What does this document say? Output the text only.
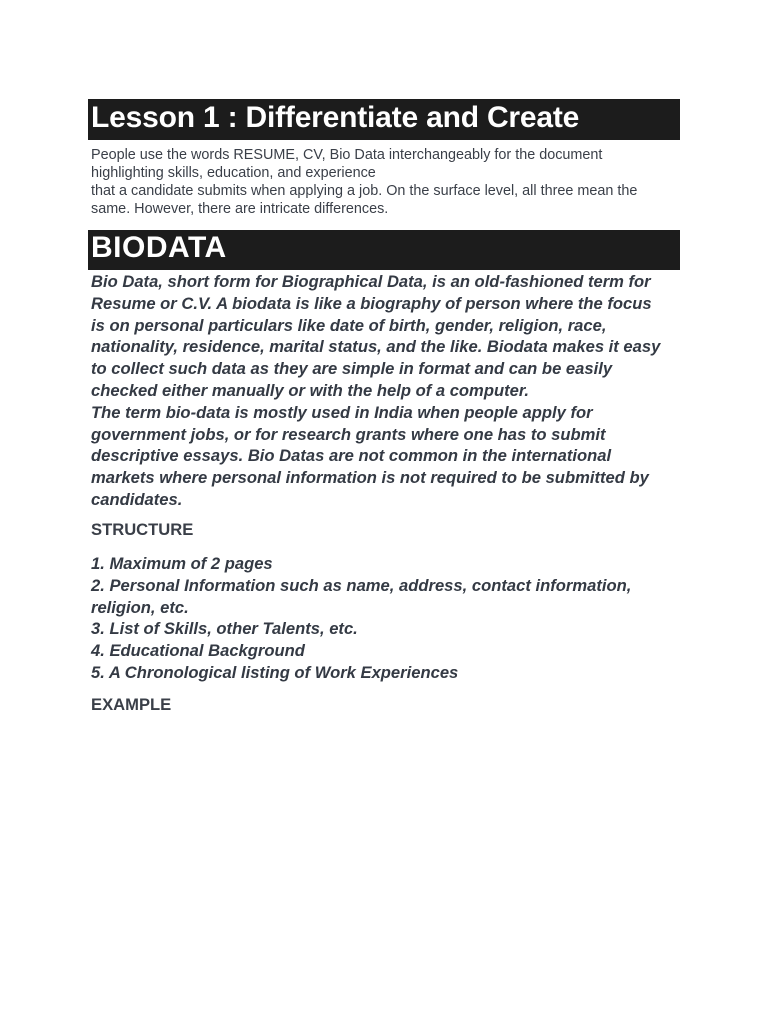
Lesson 1 : Differentiate and Create
People use the words RESUME, CV, Bio Data interchangeably for the document
highlighting skills, education, and experience
that a candidate submits when applying a job. On the surface level, all three mean the
same. However, there are intricate differences.
BIODATA
Bio Data, short form for Biographical Data, is an old-fashioned term for
Resume or C.V. A biodata is like a biography of person where the focus
is on personal particulars like date of birth, gender, religion, race,
nationality, residence, marital status, and the like. Biodata makes it easy
to collect such data as they are simple in format and can be easily
checked either manually or with the help of a computer.
The term bio-data is mostly used in India when people apply for
government jobs, or for research grants where one has to submit
descriptive essays. Bio Datas are not common in the international
markets where personal information is not required to be submitted by
candidates.
STRUCTURE
1. Maximum of 2 pages
2. Personal Information such as name, address, contact information,
religion, etc.
3. List of Skills, other Talents, etc.
4. Educational Background
5. A Chronological listing of Work Experiences
EXAMPLE
